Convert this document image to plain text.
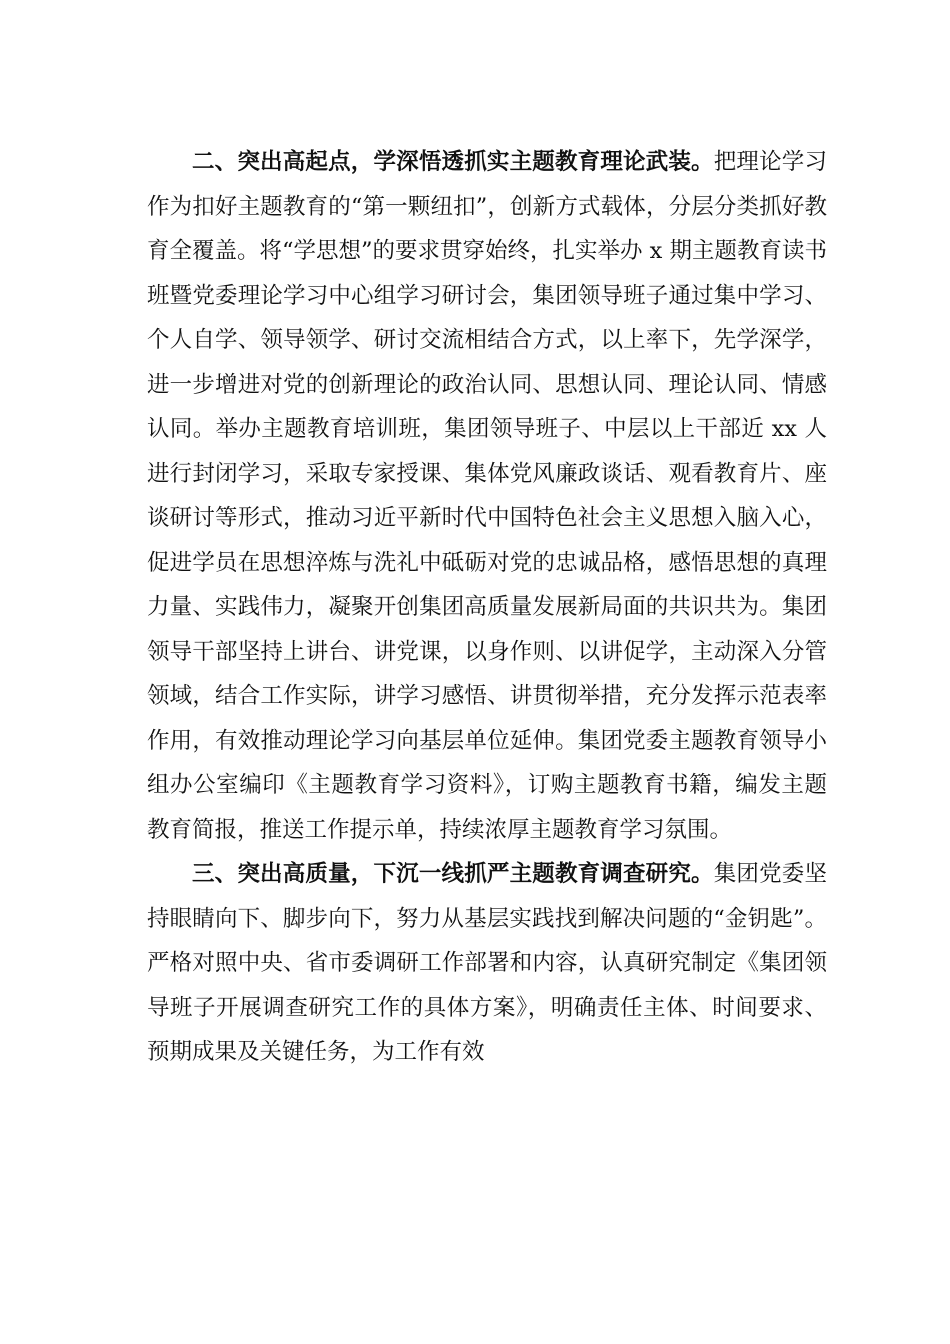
二、突出高起点，学深悟透抓实主题教育理论武装。把理论学习作为扣好主题教育的“第一颗纽扣”，创新方式载体，分层分类抓好教育全覆盖。将“学思想”的要求贯穿始终，扎实举办 x 期主题教育读书班暨党委理论学习中心组学习研讨会，集团领导班子通过集中学习、个人自学、领导领学、研讨交流相结合方式，以上率下，先学深学，进一步增进对党的创新理论的政治认同、思想认同、理论认同、情感认同。举办主题教育培训班，集团领导班子、中层以上干部近 xx 人进行封闭学习，采取专家授课、集体党风廉政谈话、观看教育片、座谈研讨等形式，推动习近平新时代中国特色社会主义思想入脑入心，促进学员在思想淬炼与洗礼中砥砺对党的忠诚品格，感悟思想的真理力量、实践伟力，凝聚开创集团高质量发展新局面的共识共为。集团领导干部坚持上讲台、讲党课，以身作则、以讲促学，主动深入分管领域，结合工作实际，讲学习感悟、讲贯彻举措，充分发挥示范表率作用，有效推动理论学习向基层单位延伸。集团党委主题教育领导小组办公室编印《主题教育学习资料》，订购主题教育书籍，编发主题教育简报，推送工作提示单，持续浓厚主题教育学习氛围。

三、突出高质量，下沉一线抓严主题教育调查研究。集团党委坚持眼睛向下、脚步向下，努力从基层实践找到解决问题的“金钥匙”。严格对照中央、省市委调研工作部署和内容，认真研究制定《集团领导班子开展调查研究工作的具体方案》，明确责任主体、时间要求、预期成果及关键任务，为工作有效
